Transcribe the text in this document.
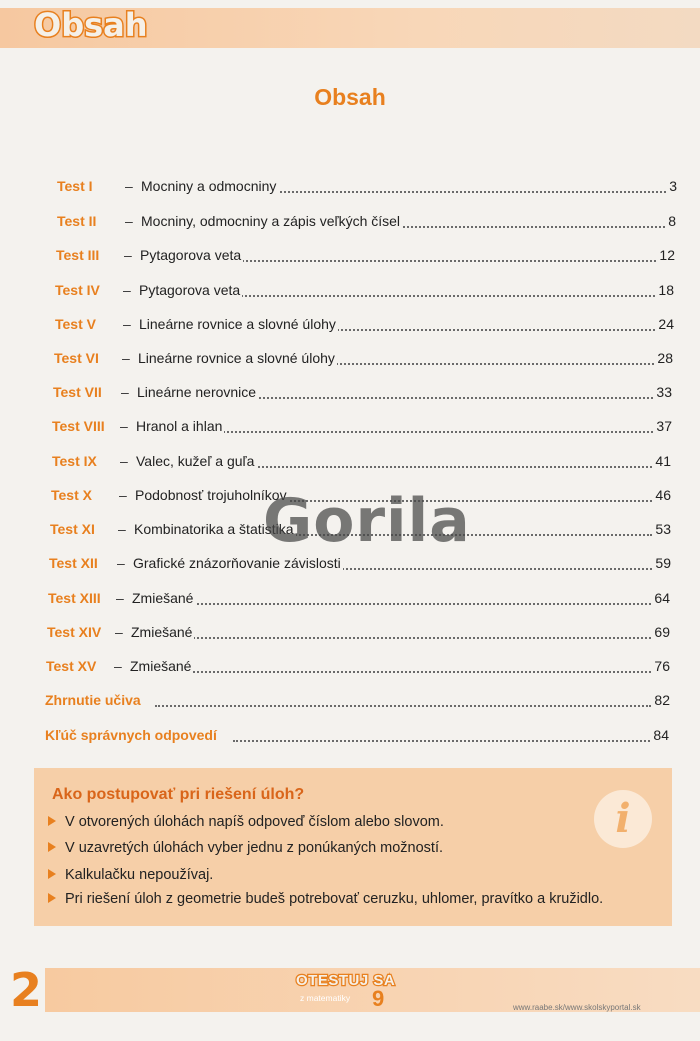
Obsah
Obsah
Test I – Mocniny a odmocniny	3
Test II – Mocniny, odmocniny a zápis veľkých čísel	8
Test III – Pytagorova veta	12
Test IV – Pytagorova veta	18
Test V – Lineárne rovnice a slovné úlohy	24
Test VI – Lineárne rovnice a slovné úlohy	28
Test VII – Lineárne nerovnice	33
Test VIII – Hranol a ihlan	37
Test IX – Valec, kužeľ a guľa	41
Test X – Podobnosť trojuholníkov	46
Test XI – Kombinatorika a štatistika	53
Test XII – Grafické znázorňovanie závislosti	59
Test XIII – Zmiešané	64
Test XIV – Zmiešané	69
Test XV – Zmiešané	76
Zhrnutie učiva	82
Kľúč správnych odpovedí	84
Gorila
Ako postupovať pri riešení úloh?
V otvorených úlohách napíš odpoveď číslom alebo slovom.
V uzavretých úlohách vyber jednu z ponúkaných možností.
Kalkulačku nepoužívaj.
Pri riešení úloh z geometrie budeš potrebovať ceruzku, uhlomer, pravítko a kružidlo.
i
2	OTESTUJ SA
z matematiky 9	www.raabe.sk/www.skolskyportal.sk
